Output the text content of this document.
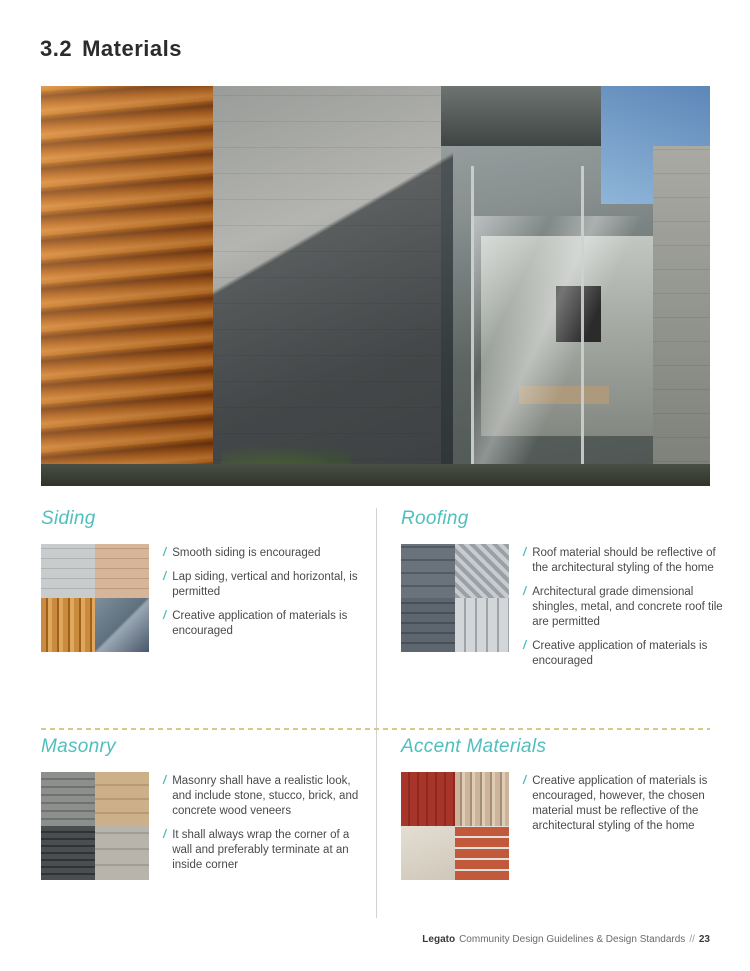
3.2 Materials
Siding
/ Smooth siding is encouraged
/ Lap siding, vertical and horizontal, is permitted
/ Creative application of materials is encouraged
Roofing
/ Roof material should be reflective of the architectural styling of the home
/ Architectural grade dimensional shingles, metal, and concrete roof tile are permitted
/ Creative application of materials is encouraged
Masonry
/ Masonry shall have a realistic look, and include stone, stucco, brick, and concrete wood veneers
/ It shall always wrap the corner of a wall and preferably terminate at an inside corner
Accent Materials
/ Creative application of materials is encouraged, however, the chosen material must be reflective of the architectural styling of the home
Legato Community Design Guidelines & Design Standards // 23
